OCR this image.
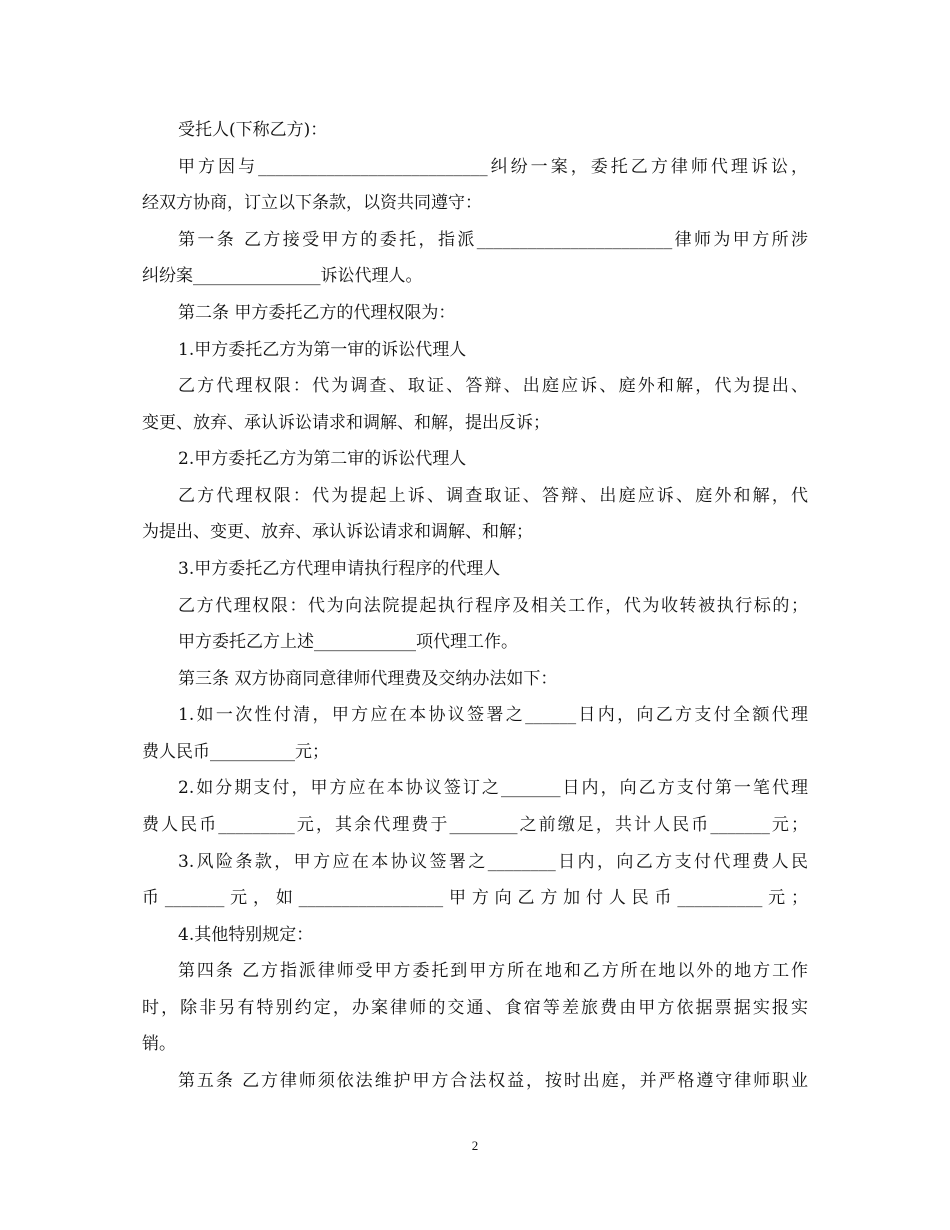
受托人(下称乙方)：
甲方因与___________________________纠纷一案，委托乙方律师代理诉讼，
经双方协商，订立以下条款，以资共同遵守：
第一条 乙方接受甲方的委托，指派_______________________律师为甲方所涉
纠纷案_______________诉讼代理人。
第二条 甲方委托乙方的代理权限为：
1.甲方委托乙方为第一审的诉讼代理人
乙方代理权限：代为调查、取证、答辩、出庭应诉、庭外和解，代为提出、
变更、放弃、承认诉讼请求和调解、和解，提出反诉；
2.甲方委托乙方为第二审的诉讼代理人
乙方代理权限：代为提起上诉、调查取证、答辩、出庭应诉、庭外和解，代
为提出、变更、放弃、承认诉讼请求和调解、和解；
3.甲方委托乙方代理申请执行程序的代理人
乙方代理权限：代为向法院提起执行程序及相关工作，代为收转被执行标的；
甲方委托乙方上述____________项代理工作。
第三条 双方协商同意律师代理费及交纳办法如下：
1.如一次性付清，甲方应在本协议签署之______日内，向乙方支付全额代理
费人民币__________元；
2.如分期支付，甲方应在本协议签订之_______日内，向乙方支付第一笔代理
费人民币_________元，其余代理费于________之前缴足，共计人民币_______元；
3.风险条款，甲方应在本协议签署之________日内，向乙方支付代理费人民
币_______元，如_________________甲方向乙方加付人民币__________元；
4.其他特别规定：
第四条 乙方指派律师受甲方委托到甲方所在地和乙方所在地以外的地方工作
时，除非另有特别约定，办案律师的交通、食宿等差旅费由甲方依据票据实报实
销。
第五条 乙方律师须依法维护甲方合法权益，按时出庭，并严格遵守律师职业
2
